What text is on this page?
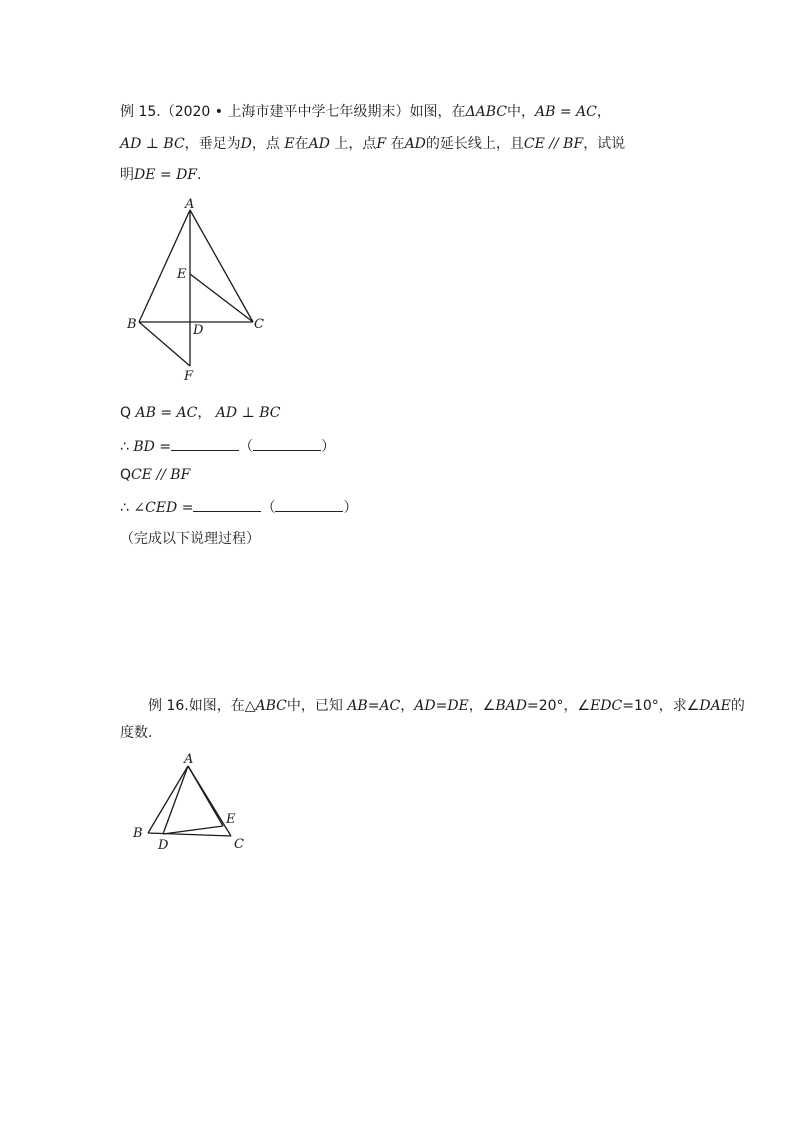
例 15.（2020 • 上海市建平中学七年级期末）如图，在ΔABC中，AB = AC，
AD ⊥ BC，垂足为D，点 E在AD 上，点F 在AD的延长线上，且CE // BF，试说
明DE = DF.
A
B	C
D
E
F
Q AB = AC， AD ⊥ BC
∴ BD =	（	）
QCE // BF
∴ ∠CED =	（	）
（完成以下说理过程）
例 16.如图，在△ABC中，已知 AB=AC，AD=DE，∠BAD=20°，∠EDC=10°，求∠DAE的
度数.
A
B
C
D
E
